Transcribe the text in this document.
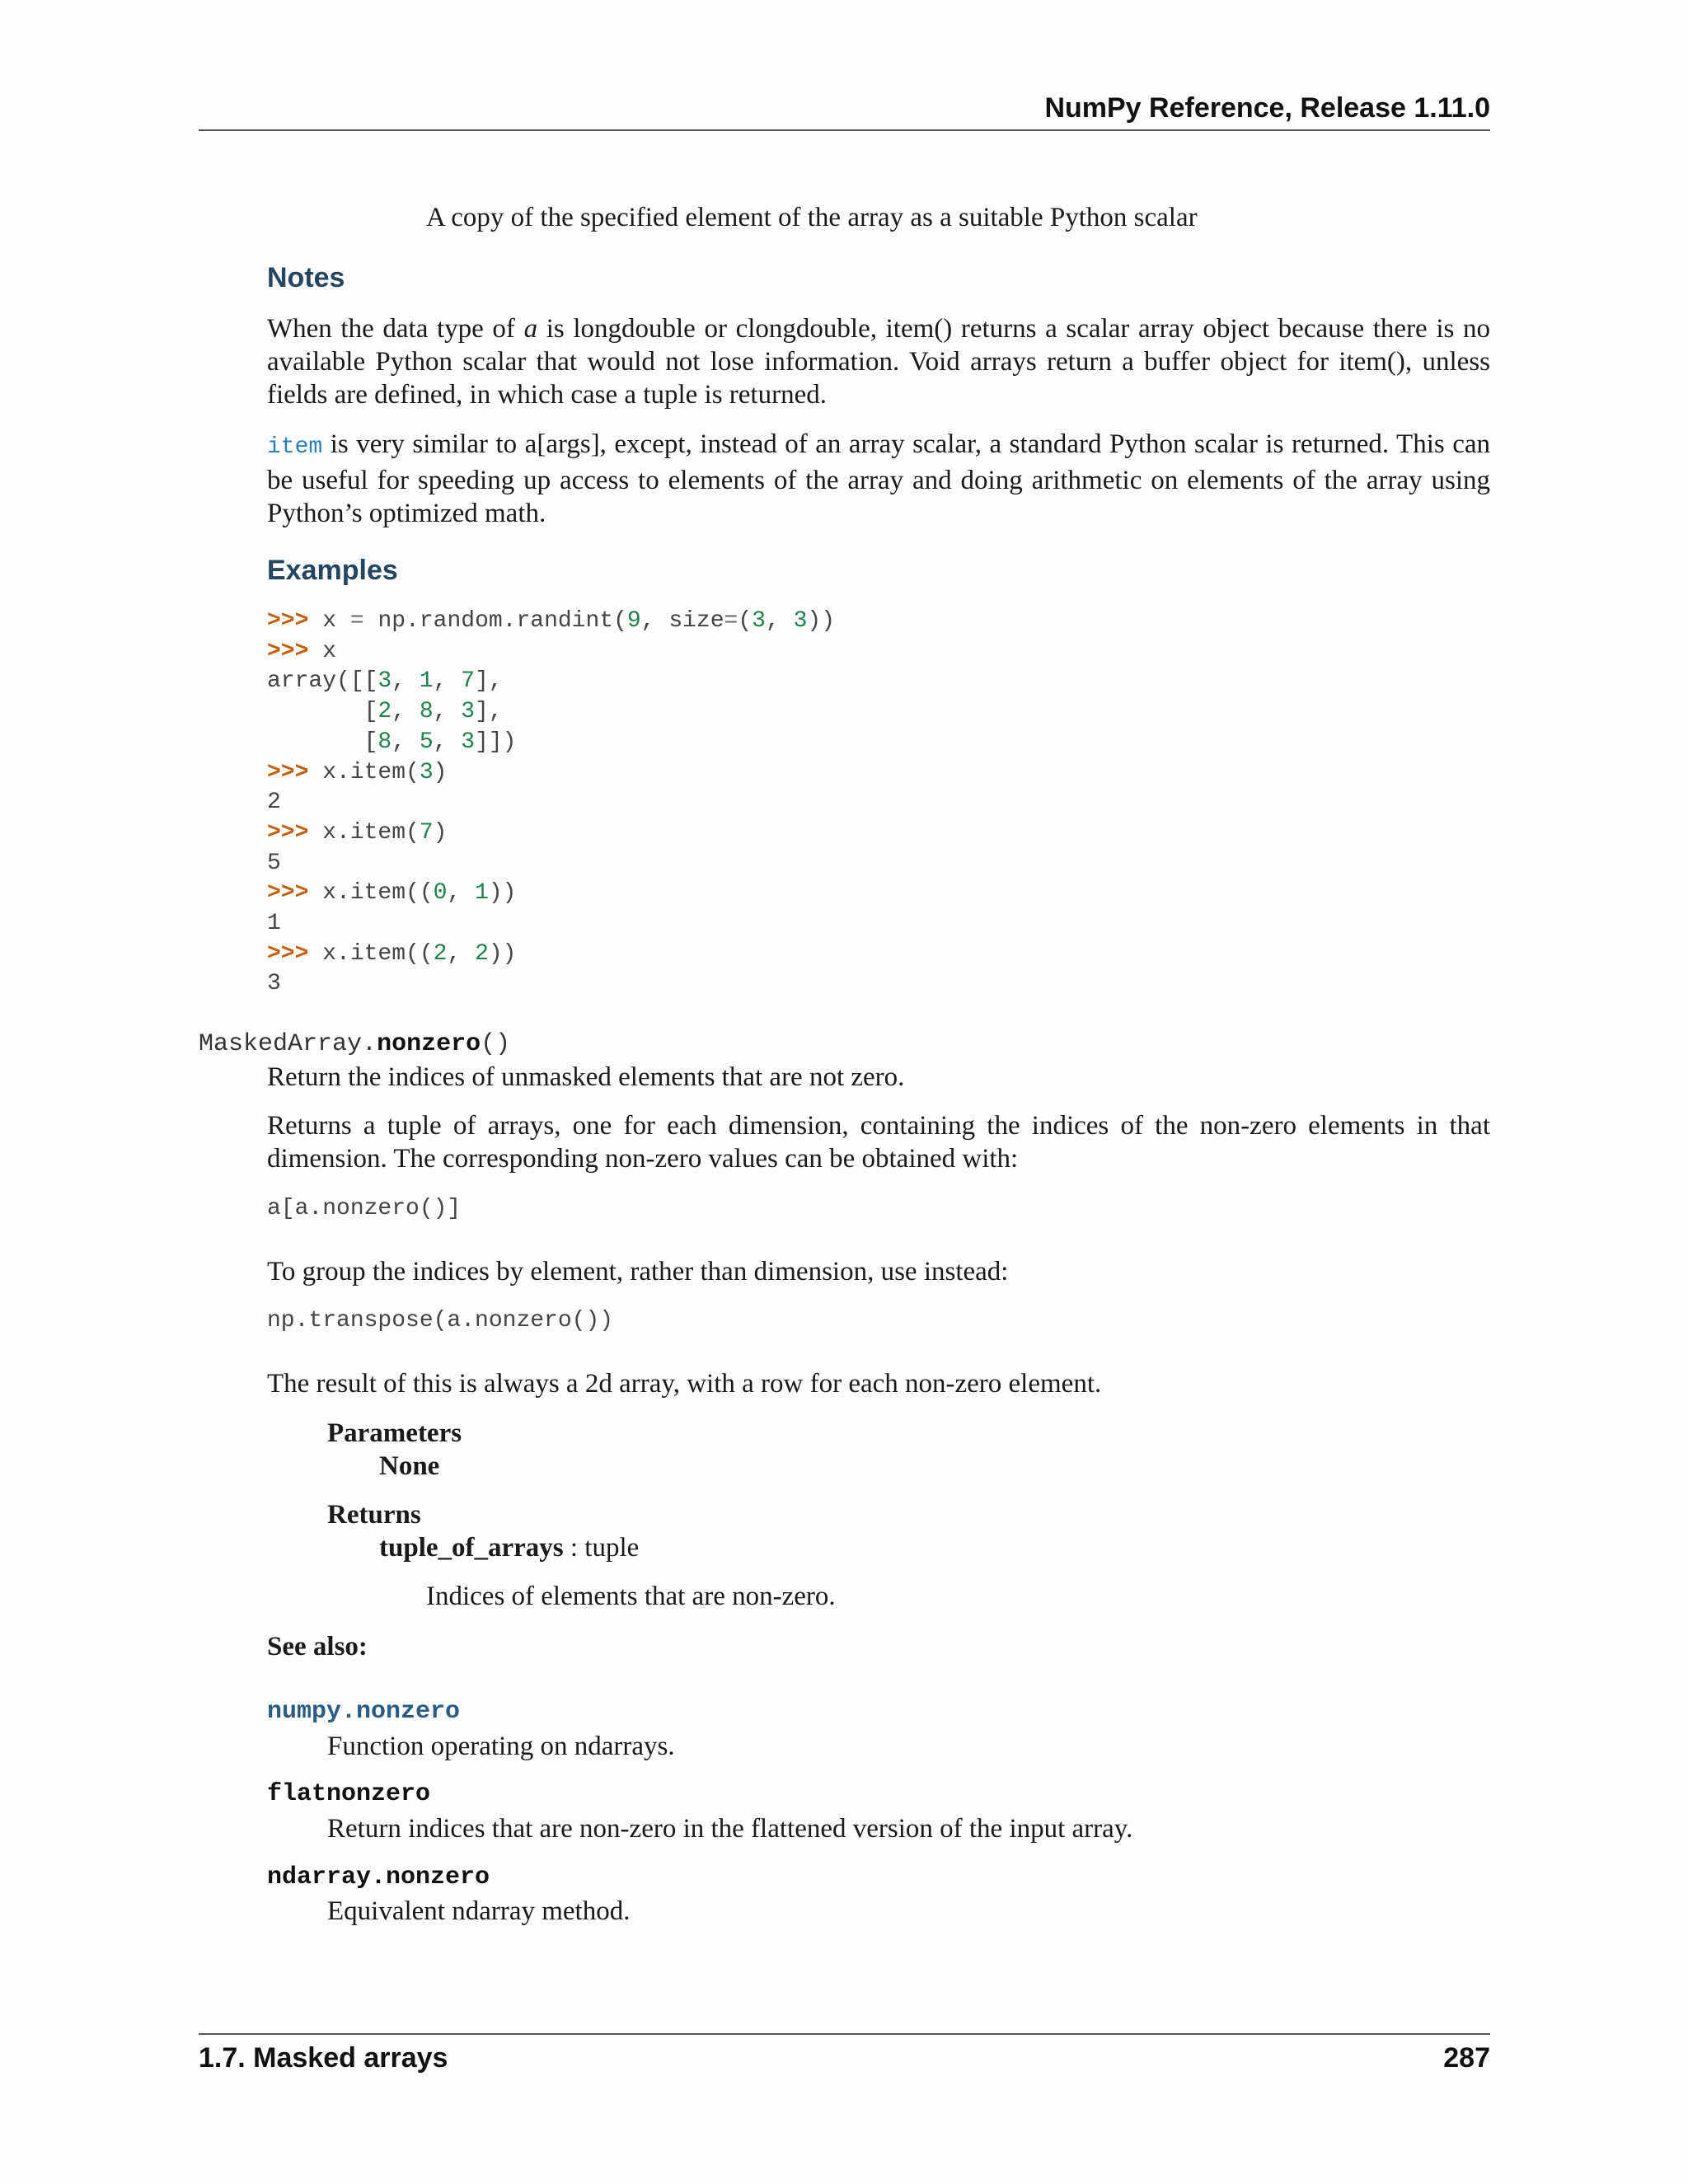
NumPy Reference, Release 1.11.0
A copy of the specified element of the array as a suitable Python scalar
Notes
When the data type of a is longdouble or clongdouble, item() returns a scalar array object because there is no available Python scalar that would not lose information. Void arrays return a buffer object for item(), unless fields are defined, in which case a tuple is returned.
item is very similar to a[args], except, instead of an array scalar, a standard Python scalar is returned. This can be useful for speeding up access to elements of the array and doing arithmetic on elements of the array using Python’s optimized math.
Examples
>>> x = np.random.randint(9, size=(3, 3))
>>> x
array([[3, 1, 7],
[2, 8, 3],
[8, 5, 3]])
>>> x.item(3)
2
>>> x.item(7)
5
>>> x.item((0, 1))
1
>>> x.item((2, 2))
3
MaskedArray.nonzero()
Return the indices of unmasked elements that are not zero.
Returns a tuple of arrays, one for each dimension, containing the indices of the non-zero elements in that dimension. The corresponding non-zero values can be obtained with:
a[a.nonzero()]
To group the indices by element, rather than dimension, use instead:
np.transpose(a.nonzero())
The result of this is always a 2d array, with a row for each non-zero element.
Parameters
None
Returns
tuple_of_arrays : tuple
Indices of elements that are non-zero.
See also:
numpy.nonzero
Function operating on ndarrays.
flatnonzero
Return indices that are non-zero in the flattened version of the input array.
ndarray.nonzero
Equivalent ndarray method.
1.7. Masked arrays	287
